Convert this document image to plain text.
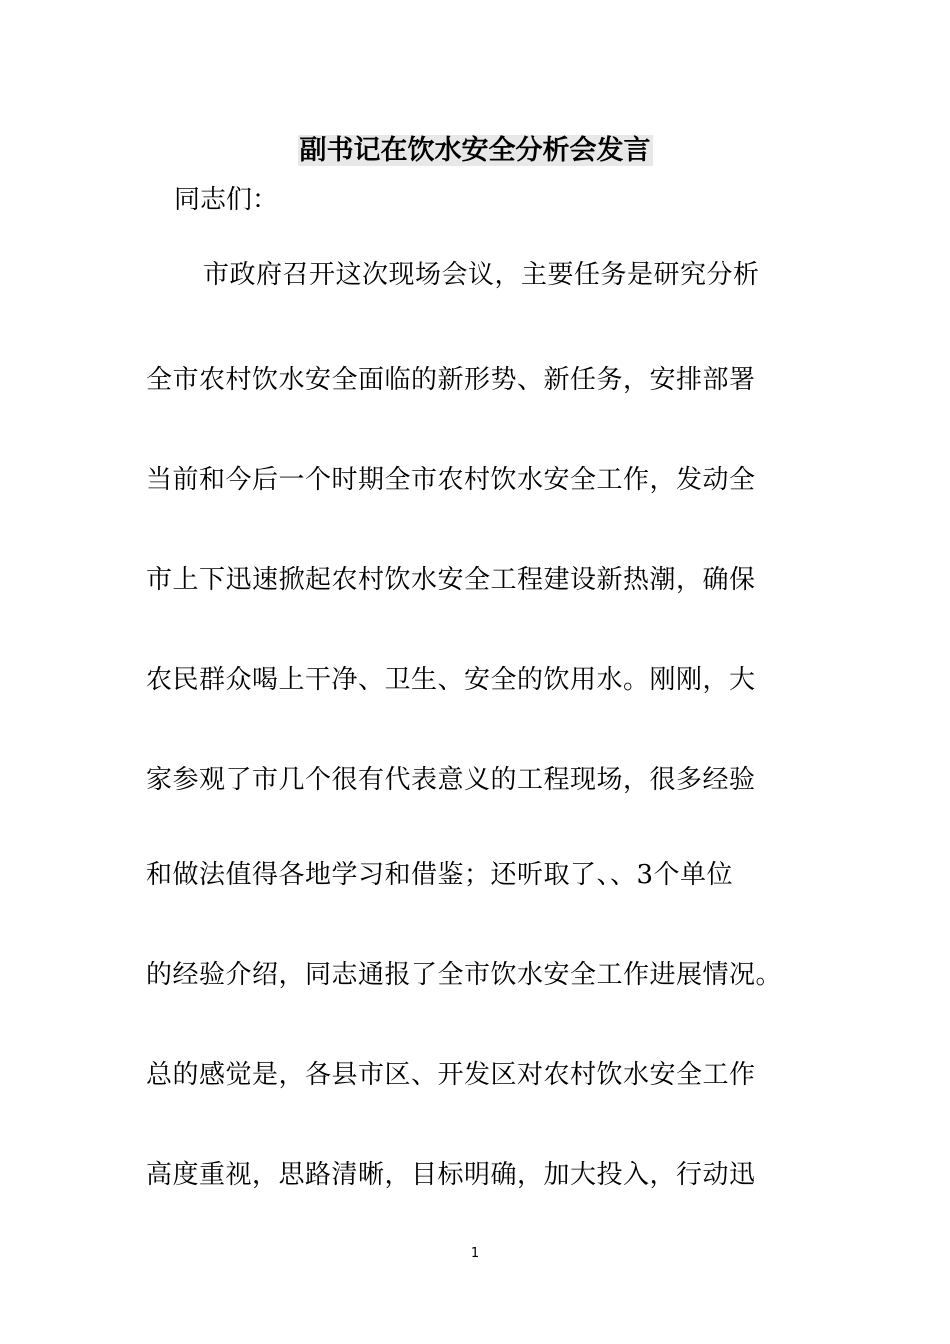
副书记在饮水安全分析会发言

同志们：

市政府召开这次现场会议，主要任务是研究分析

全市农村饮水安全面临的新形势、新任务，安排部署

当前和今后一个时期全市农村饮水安全工作，发动全

市上下迅速掀起农村饮水安全工程建设新热潮，确保

农民群众喝上干净、卫生、安全的饮用水。刚刚，大

家参观了市几个很有代表意义的工程现场，很多经验

和做法值得各地学习和借鉴；还听取了、、3个单位

的经验介绍，同志通报了全市饮水安全工作进展情况。

总的感觉是，各县市区、开发区对农村饮水安全工作

高度重视，思路清晰，目标明确，加大投入，行动迅

1
